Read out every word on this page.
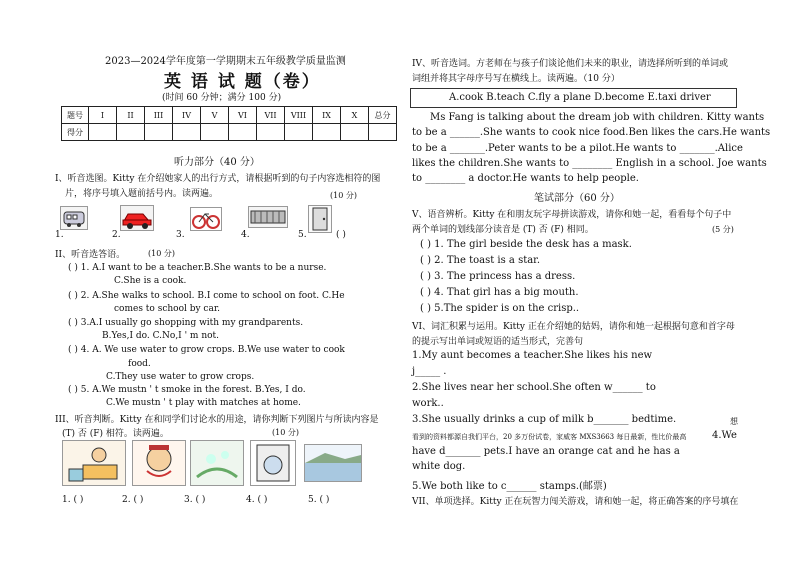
2023—2024学年度第一学期期末五年级教学质量监测
英 语 试 题（卷）
(时间 60 分钟；满分 100 分)
题号	I	II	III	IV	V	VI	VII	VIII	IX	X	总分
得分											
听力部分（40 分）
I、听音选图。Kitty 在介绍她家人的出行方式，请根据听到的句子内容选相符的图
片，将序号填入题前括号内。读两遍。	(10 分)
1.	2.	3.	4.	5.	( )
II、听音选答语。	(10 分)
( ) 1. A.I want to be a teacher.B.She wants to be a nurse.
C.She is a cook.
( ) 2. A.She walks to school. B.I come to school on foot. C.He
comes to school by car.
( ) 3.A.I usually go shopping with my grandparents.
B.Yes,I do. C.No,I ' m not.
( ) 4. A. We use water to grow crops. B.We use water to cook
food.
C.They use water to grow crops.
( ) 5. A.We mustn ' t smoke in the forest. B.Yes, I do.
C.We mustn ' t play with matches at home.
III、听音判断。Kitty 在和同学们讨论水的用途，请你判断下列图片与所读内容是
(T) 否 (F) 相符。读两遍。	(10 分)
1. ( )	2. ( )	3. ( )	4. ( )	5. ( )
IV、听音选词。方老师在与孩子们谈论他们未来的职业，请选择所听到的单词或
词组并将其字母序号写在横线上。读两遍。（10 分）
A.cook B.teach C.fly a plane D.become E.taxi driver
Ms Fang is talking about the dream job with children. Kitty wants
to be a ______.She wants to cook nice food.Ben likes the cars.He wants
to be a _______.Peter wants to be a pilot.He wants to _______.Alice
likes the children.She wants to ________ English in a school. Joe wants
to ________ a doctor.He wants to help people.
笔试部分（60 分）
V、语音辨析。Kitty 在和朋友玩字母拼读游戏，请你和她一起，看看每个句子中
两个单词的划线部分读音是 (T) 否 (F) 相同。	(5 分)
( ) 1. The girl beside the desk has a mask.
( ) 2. The toast is a star.
( ) 3. The princess has a dress.
( ) 4. That girl has a big mouth.
( ) 5.The spider is on the crisp..
VI、词汇积累与运用。Kitty 正在介绍她的姑妈，请你和她一起根据句意和首字母
的提示写出单词或短语的适当形式，完善句
1.My aunt becomes a teacher.She likes his new
j_____ .
2.She lives near her school.She often w______ to
work..
3.She usually drinks a cup of milk b_______ bedtime.	想
看到的资料都源自我们平台，20 多万份试卷，家威客 MXS3663 每日最新，性比价最高	4.We
have d_______ pets.I have an orange cat and he has a
white dog.
5.We both like to c______ stamps.(邮票)
VII、单项选择。Kitty 正在玩智力闯关游戏，请和她一起，将正确答案的序号填在
